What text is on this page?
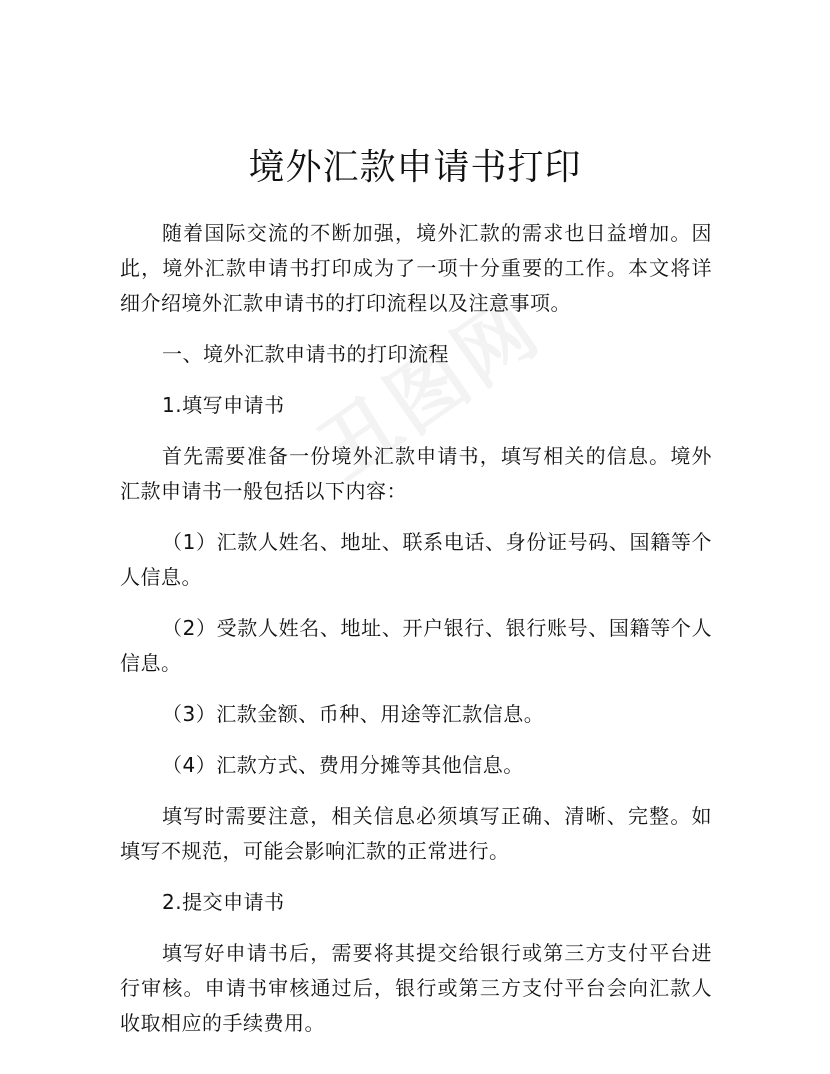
境外汇款申请书打印

随着国际交流的不断加强，境外汇款的需求也日益增加。因此，境外汇款申请书打印成为了一项十分重要的工作。本文将详细介绍境外汇款申请书的打印流程以及注意事项。

一、境外汇款申请书的打印流程

1.填写申请书

首先需要准备一份境外汇款申请书，填写相关的信息。境外汇款申请书一般包括以下内容：

（1）汇款人姓名、地址、联系电话、身份证号码、国籍等个人信息。

（2）受款人姓名、地址、开户银行、银行账号、国籍等个人信息。

（3）汇款金额、币种、用途等汇款信息。

（4）汇款方式、费用分摊等其他信息。

填写时需要注意，相关信息必须填写正确、清晰、完整。如填写不规范，可能会影响汇款的正常进行。

2.提交申请书

填写好申请书后，需要将其提交给银行或第三方支付平台进行审核。申请书审核通过后，银行或第三方支付平台会向汇款人收取相应的手续费用。
